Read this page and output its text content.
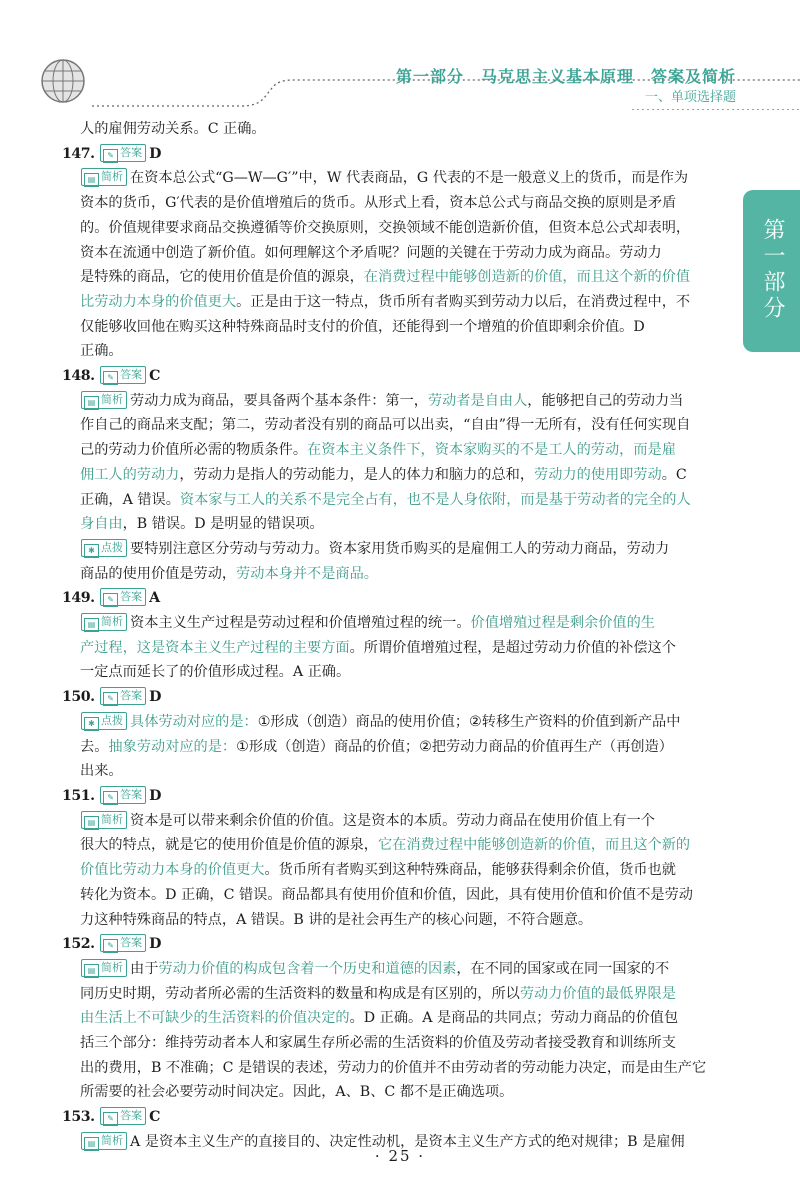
第一部分　马克思主义基本原理　答案及简析
一、单项选择题
第一部分
人的雇佣劳动关系。C 正确。
147. ✎ 答案 D
▤ 简析 在资本总公式“G—W—G′”中，W 代表商品，G 代表的不是一般意义上的货币，而是作为
资本的货币，G′代表的是价值增殖后的货币。从形式上看，资本总公式与商品交换的原则是矛盾
的。价值规律要求商品交换遵循等价交换原则，交换领域不能创造新价值，但资本总公式却表明，
资本在流通中创造了新价值。如何理解这个矛盾呢？问题的关键在于劳动力成为商品。劳动力
是特殊的商品，它的使用价值是价值的源泉，在消费过程中能够创造新的价值，而且这个新的价值
比劳动力本身的价值更大。正是由于这一特点，货币所有者购买到劳动力以后，在消费过程中，不
仅能够收回他在购买这种特殊商品时支付的价值，还能得到一个增殖的价值即剩余价值。D
正确。
148. ✎ 答案 C
▤ 简析 劳动力成为商品，要具备两个基本条件：第一，劳动者是自由人，能够把自己的劳动力当
作自己的商品来支配；第二，劳动者没有别的商品可以出卖，“自由”得一无所有，没有任何实现自
己的劳动力价值所必需的物质条件。在资本主义条件下，资本家购买的不是工人的劳动，而是雇
佣工人的劳动力，劳动力是指人的劳动能力，是人的体力和脑力的总和，劳动力的使用即劳动。C
正确，A 错误。资本家与工人的关系不是完全占有，也不是人身依附，而是基于劳动者的完全的人
身自由，B 错误。D 是明显的错误项。
✱ 点拨 要特别注意区分劳动与劳动力。资本家用货币购买的是雇佣工人的劳动力商品，劳动力
商品的使用价值是劳动，劳动本身并不是商品。
149. ✎ 答案 A
▤ 简析 资本主义生产过程是劳动过程和价值增殖过程的统一。价值增殖过程是剩余价值的生
产过程，这是资本主义生产过程的主要方面。所谓价值增殖过程，是超过劳动力价值的补偿这个
一定点而延长了的价值形成过程。A 正确。
150. ✎ 答案 D
✱ 点拨 具体劳动对应的是：①形成（创造）商品的使用价值；②转移生产资料的价值到新产品中
去。抽象劳动对应的是：①形成（创造）商品的价值；②把劳动力商品的价值再生产（再创造）
出来。
151. ✎ 答案 D
▤ 简析 资本是可以带来剩余价值的价值。这是资本的本质。劳动力商品在使用价值上有一个
很大的特点，就是它的使用价值是价值的源泉，它在消费过程中能够创造新的价值，而且这个新的
价值比劳动力本身的价值更大。货币所有者购买到这种特殊商品，能够获得剩余价值，货币也就
转化为资本。D 正确，C 错误。商品都具有使用价值和价值，因此，具有使用价值和价值不是劳动
力这种特殊商品的特点，A 错误。B 讲的是社会再生产的核心问题，不符合题意。
152. ✎ 答案 D
▤ 简析 由于劳动力价值的构成包含着一个历史和道德的因素，在不同的国家或在同一国家的不
同历史时期，劳动者所必需的生活资料的数量和构成是有区别的，所以劳动力价值的最低界限是
由生活上不可缺少的生活资料的价值决定的。D 正确。A 是商品的共同点；劳动力商品的价值包
括三个部分：维持劳动者本人和家属生存所必需的生活资料的价值及劳动者接受教育和训练所支
出的费用，B 不准确；C 是错误的表述，劳动力的价值并不由劳动者的劳动能力决定，而是由生产它
所需要的社会必要劳动时间决定。因此，A、B、C 都不是正确选项。
153. ✎ 答案 C
▤ 简析 A 是资本主义生产的直接目的、决定性动机，是资本主义生产方式的绝对规律；B 是雇佣
· 25 ·
